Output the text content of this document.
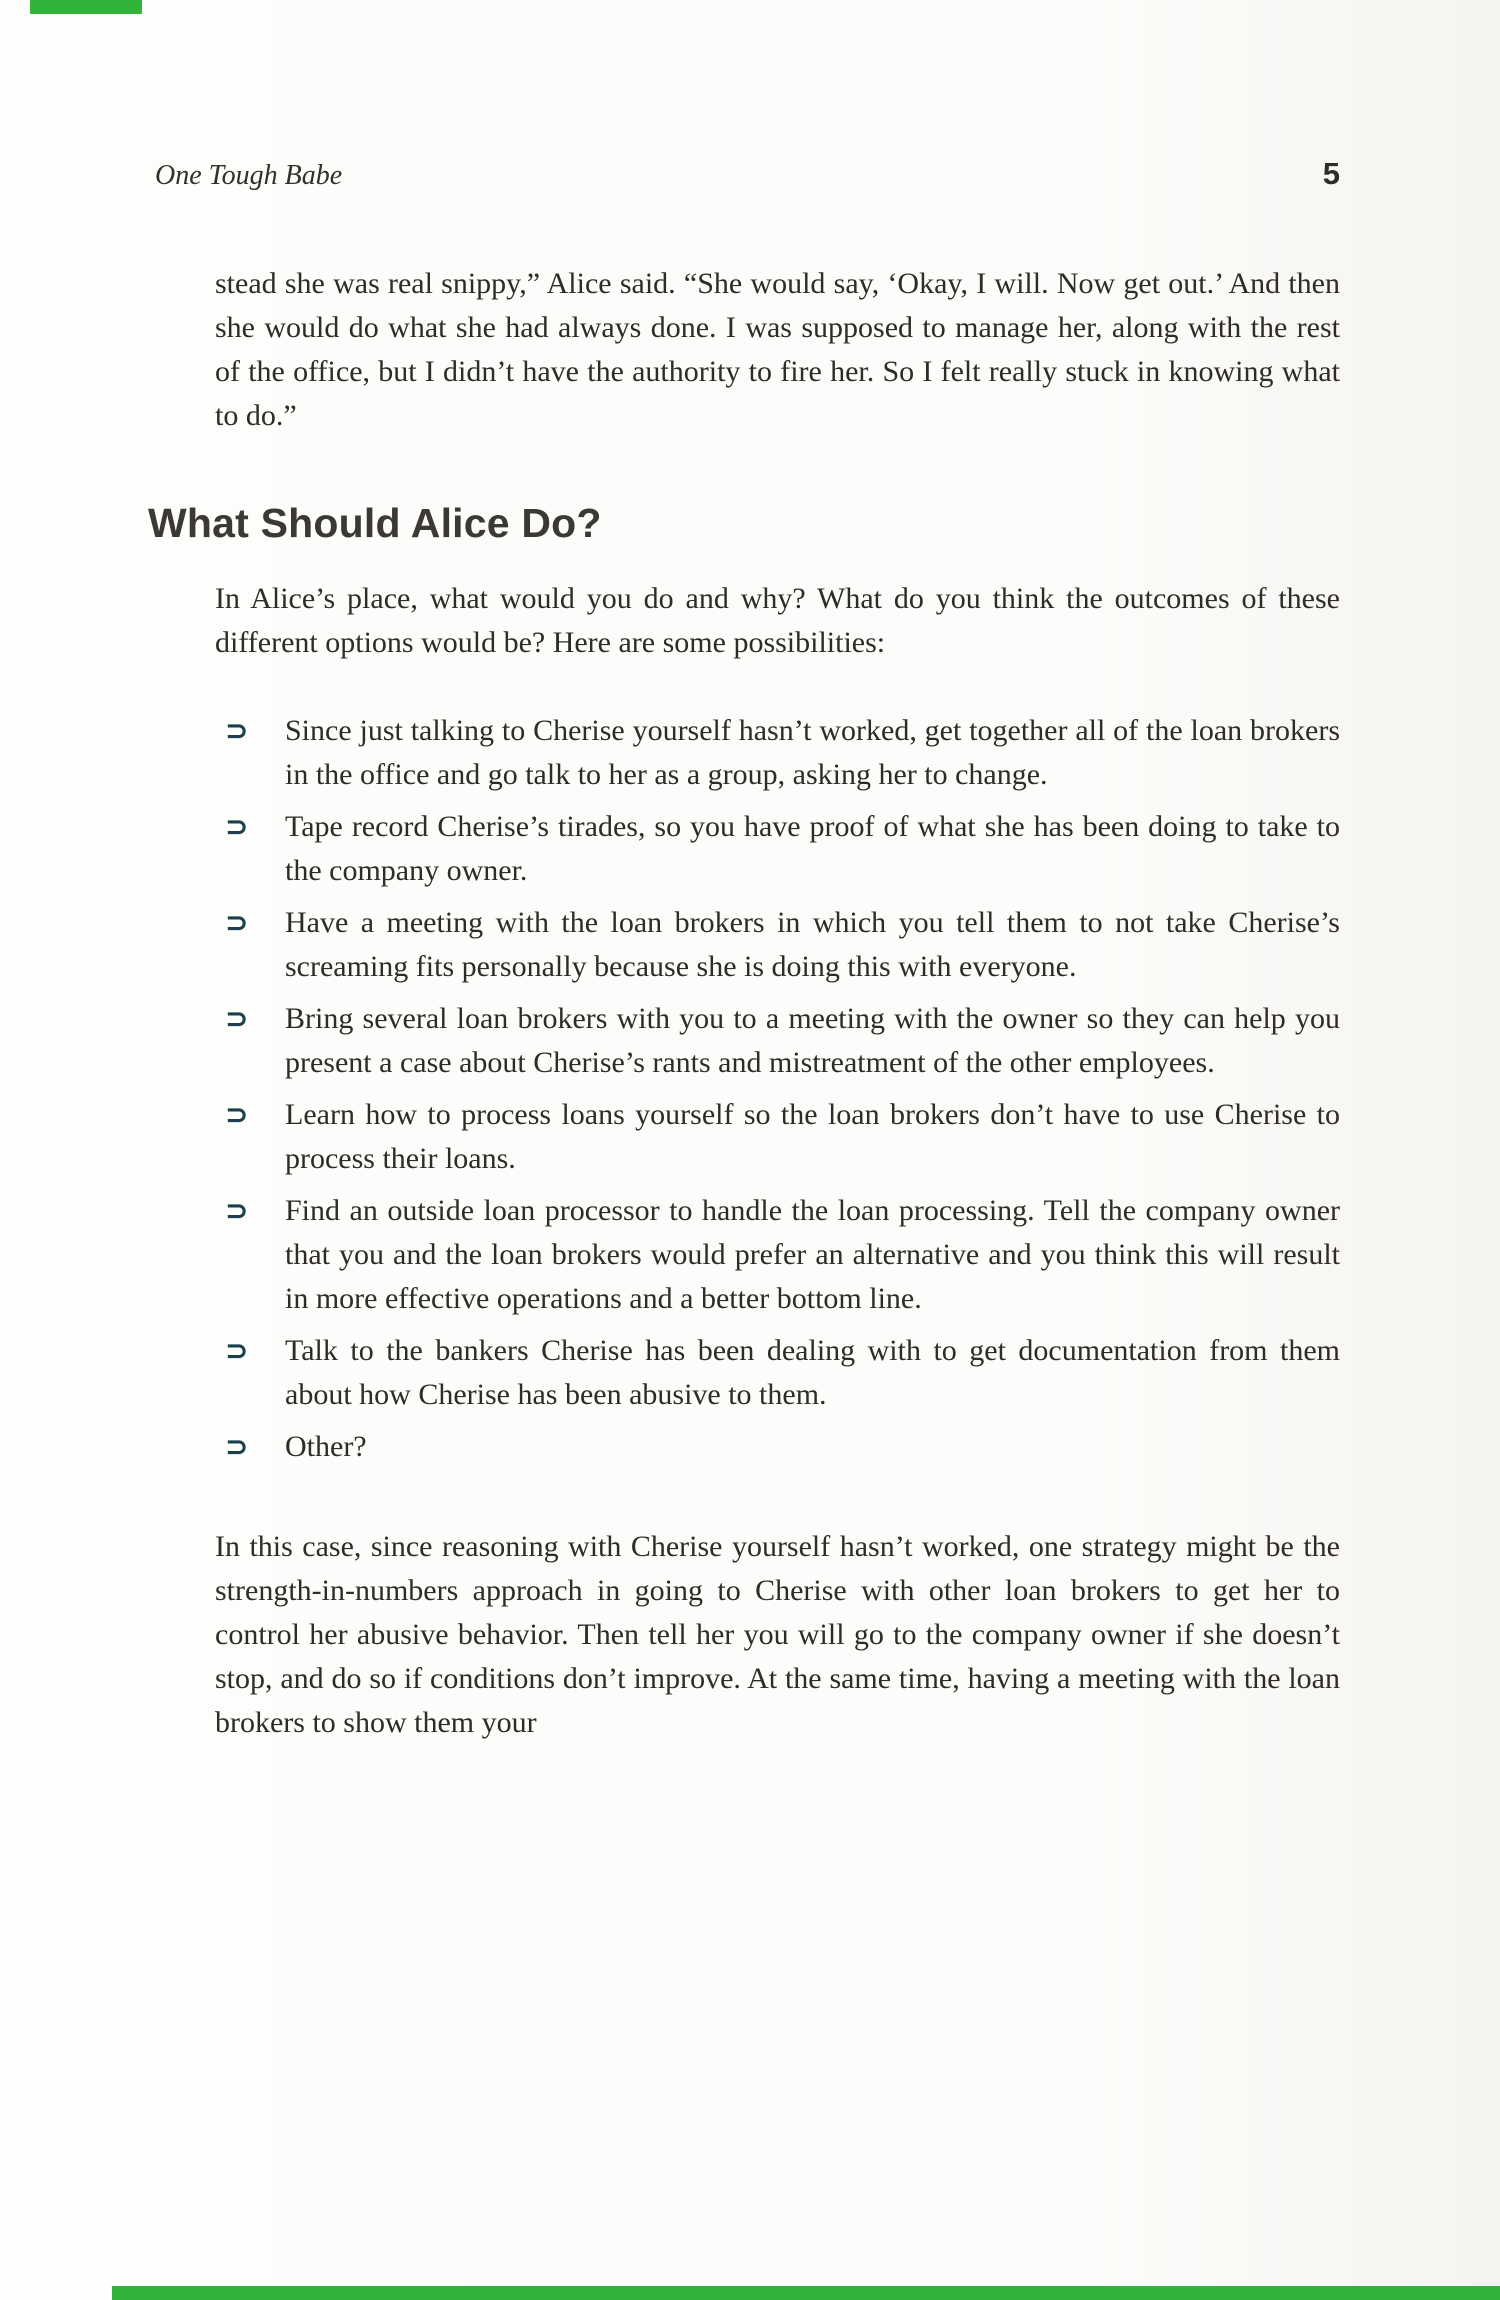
One Tough Babe	5

stead she was real snippy,” Alice said. “She would say, ‘Okay, I will. Now get out.’ And then she would do what she had always done. I was supposed to manage her, along with the rest of the office, but I didn’t have the authority to fire her. So I felt really stuck in knowing what to do.”

What Should Alice Do?

In Alice’s place, what would you do and why? What do you think the outcomes of these different options would be? Here are some possibilities:

⊃	Since just talking to Cherise yourself hasn’t worked, get together all of the loan brokers in the office and go talk to her as a group, asking her to change.
⊃	Tape record Cherise’s tirades, so you have proof of what she has been doing to take to the company owner.
⊃	Have a meeting with the loan brokers in which you tell them to not take Cherise’s screaming fits personally because she is doing this with everyone.
⊃	Bring several loan brokers with you to a meeting with the owner so they can help you present a case about Cherise’s rants and mistreatment of the other employees.
⊃	Learn how to process loans yourself so the loan brokers don’t have to use Cherise to process their loans.
⊃	Find an outside loan processor to handle the loan processing. Tell the company owner that you and the loan brokers would prefer an alternative and you think this will result in more effective operations and a better bottom line.
⊃	Talk to the bankers Cherise has been dealing with to get documentation from them about how Cherise has been abusive to them.
⊃	Other?

In this case, since reasoning with Cherise yourself hasn’t worked, one strategy might be the strength-in-numbers approach in going to Cherise with other loan brokers to get her to control her abusive behavior. Then tell her you will go to the company owner if she doesn’t stop, and do so if conditions don’t improve. At the same time, having a meeting with the loan brokers to show them your
